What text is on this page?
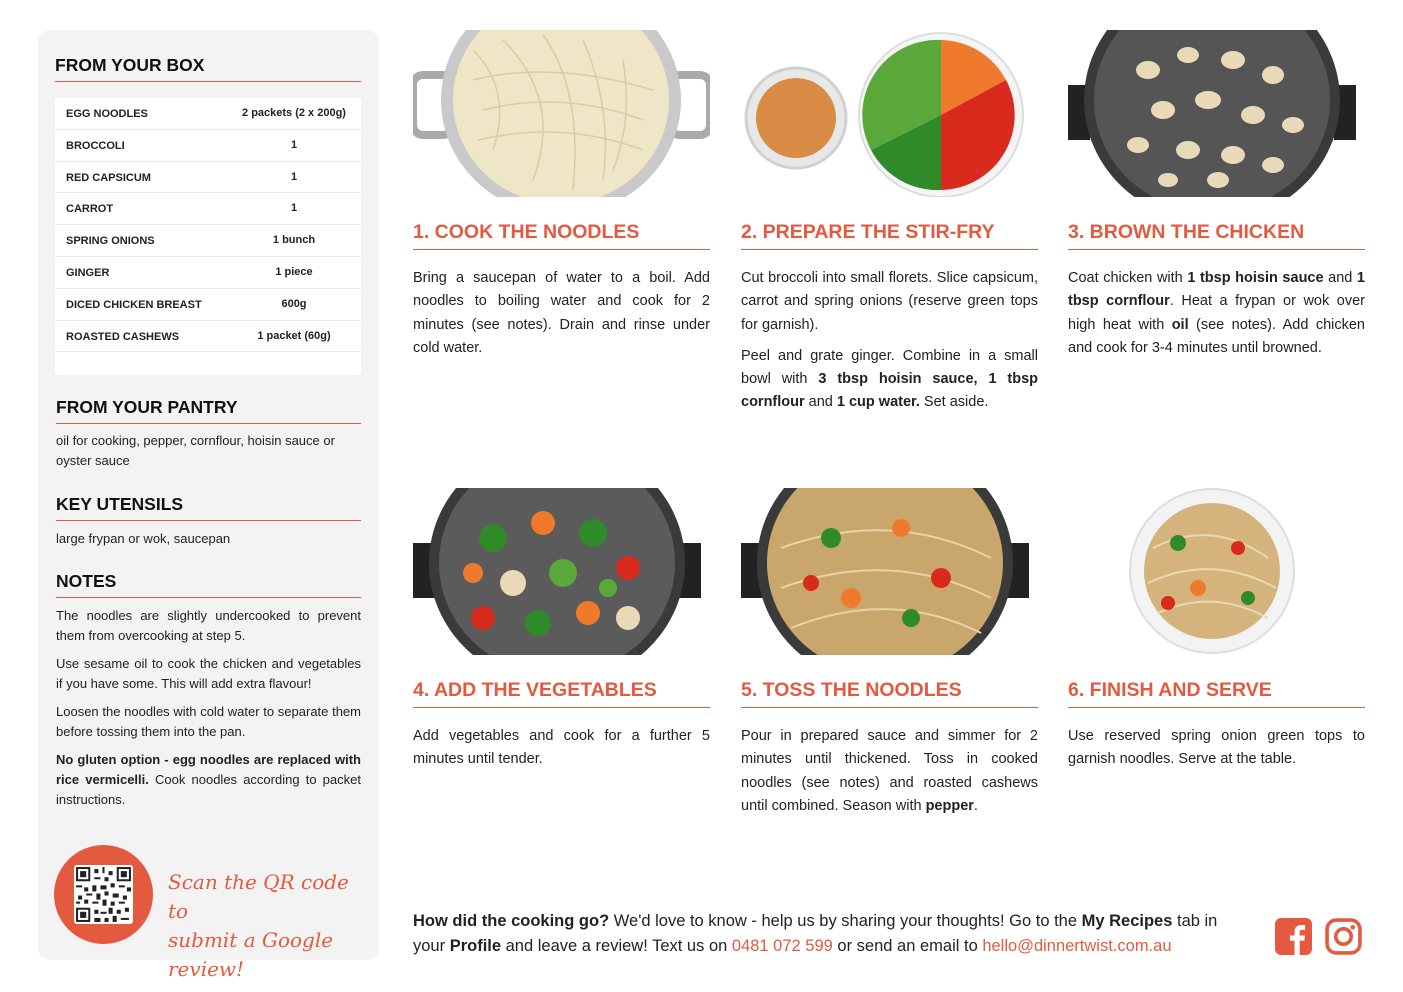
FROM YOUR BOX
EGG NOODLES	2 packets (2 x 200g)
BROCCOLI	1
RED CAPSICUM	1
CARROT	1
SPRING ONIONS	1 bunch
GINGER	1 piece
DICED CHICKEN BREAST	600g
ROASTED CASHEWS	1 packet (60g)
FROM YOUR PANTRY
oil for cooking, pepper, cornflour, hoisin sauce or oyster sauce
KEY UTENSILS
large frypan or wok, saucepan
NOTES

The noodles are slightly undercooked to prevent them from overcooking at step 5.

Use sesame oil to cook the chicken and vegetables if you have some. This will add extra flavour!

Loosen the noodles with cold water to separate them before tossing them into the pan.

No gluten option - egg noodles are replaced with rice vermicelli. Cook noodles according to packet instructions.

Scan the QR code to
submit a Google review!
1. COOK THE NOODLES

Bring a saucepan of water to a boil. Add noodles to boiling water and cook for 2 minutes (see notes). Drain and rinse under cold water.

2. PREPARE THE STIR-FRY

Cut broccoli into small florets. Slice capsicum, carrot and spring onions (reserve green tops for garnish).

Peel and grate ginger. Combine in a small bowl with 3 tbsp hoisin sauce, 1 tbsp cornflour and 1 cup water. Set aside.

3. BROWN THE CHICKEN

Coat chicken with 1 tbsp hoisin sauce and 1 tbsp cornflour. Heat a frypan or wok over high heat with oil (see notes). Add chicken and cook for 3-4 minutes until browned.

4. ADD THE VEGETABLES

Add vegetables and cook for a further 5 minutes until tender.

5. TOSS THE NOODLES

Pour in prepared sauce and simmer for 2 minutes until thickened. Toss in cooked noodles (see notes) and roasted cashews until combined. Season with pepper.

6. FINISH AND SERVE

Use reserved spring onion green tops to garnish noodles. Serve at the table.

How did the cooking go? We'd love to know - help us by sharing your thoughts! Go to the My Recipes tab in your Profile and leave a review! Text us on 0481 072 599 or send an email to hello@dinnertwist.com.au
